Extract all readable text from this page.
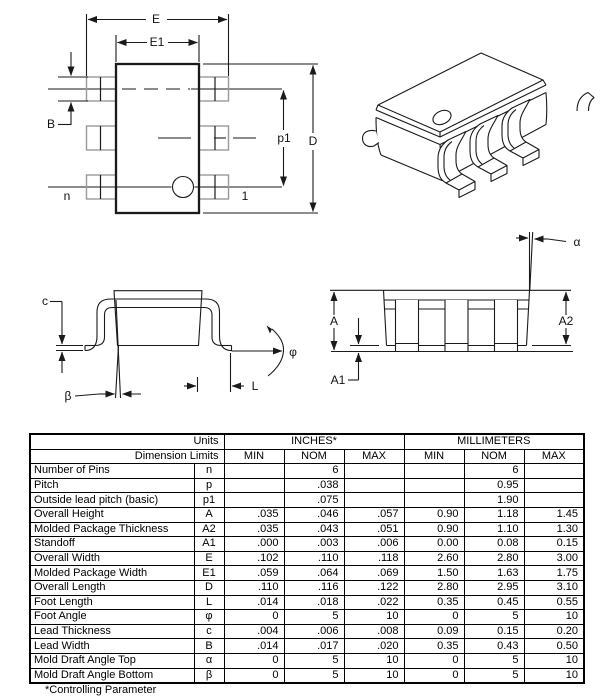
E
E1
B
p1 D
n	1
c
β
φ
L
A	A2
A1
α
Units		INCHES*			MILLIMETERS		
Dimension Limits		MIN	NOM	MAX	MIN	NOM	MAX
Number of Pins	n		6			6	
Pitch	p		.038			0.95	
Outside lead pitch (basic)	p1		.075			1.90	
Overall Height	A	.035	.046	.057	0.90	1.18	1.45
Molded Package Thickness	A2	.035	.043	.051	0.90	1.10	1.30
Standoff	A1	.000	.003	.006	0.00	0.08	0.15
Overall Width	E	.102	.110	.118	2.60	2.80	3.00
Molded Package Width	E1	.059	.064	.069	1.50	1.63	1.75
Overall Length	D	.110	.116	.122	2.80	2.95	3.10
Foot Length	L	.014	.018	.022	0.35	0.45	0.55
Foot Angle	φ	0	5	10	0	5	10
Lead Thickness	c	.004	.006	.008	0.09	0.15	0.20
Lead Width	B	.014	.017	.020	0.35	0.43	0.50
Mold Draft Angle Top	α	0	5	10	0	5	10
Mold Draft Angle Bottom	β	0	5	10	0	5	10
*Controlling Parameter
